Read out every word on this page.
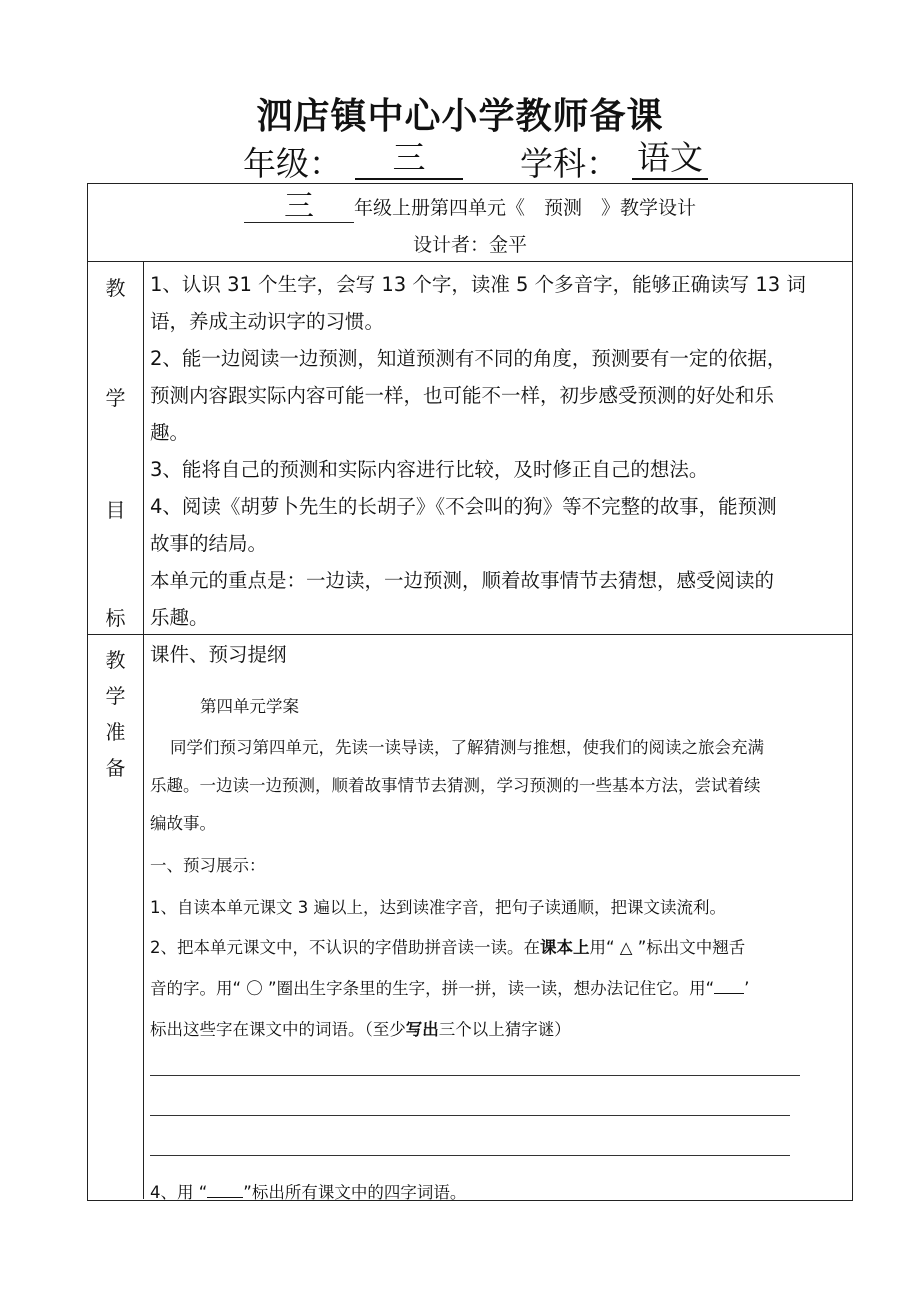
泗店镇中心小学教师备课
年级：	三	学科： 语文
三 年级上册第四单元《　预测　》教学设计
设计者：金平
教
学
目
标
1、认识 31 个生字，会写 13 个字，读准 5 个多音字，能够正确读写 13 词
语，养成主动识字的习惯。
2、能一边阅读一边预测，知道预测有不同的角度，预测要有一定的依据，
预测内容跟实际内容可能一样，也可能不一样，初步感受预测的好处和乐
趣。
3、能将自己的预测和实际内容进行比较，及时修正自己的想法。
4、阅读《胡萝卜先生的长胡子》《不会叫的狗》等不完整的故事，能预测
故事的结局。
本单元的重点是：一边读，一边预测，顺着故事情节去猜想，感受阅读的
乐趣。
教
学
准
备
课件、预习提纲
第四单元学案
同学们预习第四单元，先读一读导读，了解猜测与推想，使我们的阅读之旅会充满
乐趣。一边读一边预测，顺着故事情节去猜测，学习预测的一些基本方法，尝试着续
编故事。
一、预习展示：
1、自读本单元课文 3 遍以上，达到读准字音，把句子读通顺，把课文读流利。
2、把本单元课文中，不认识的字借助拼音读一读。在课本上用“ △ ”标出文中翘舌
音的字。用“ 〇 ”圈出生字条里的生字，拼一拼，读一读，想办法记住它。用“ ’
标出这些字在课文中的词语。（至少写出三个以上猜字谜）
4、用 “ ”标出所有课文中的四字词语。
